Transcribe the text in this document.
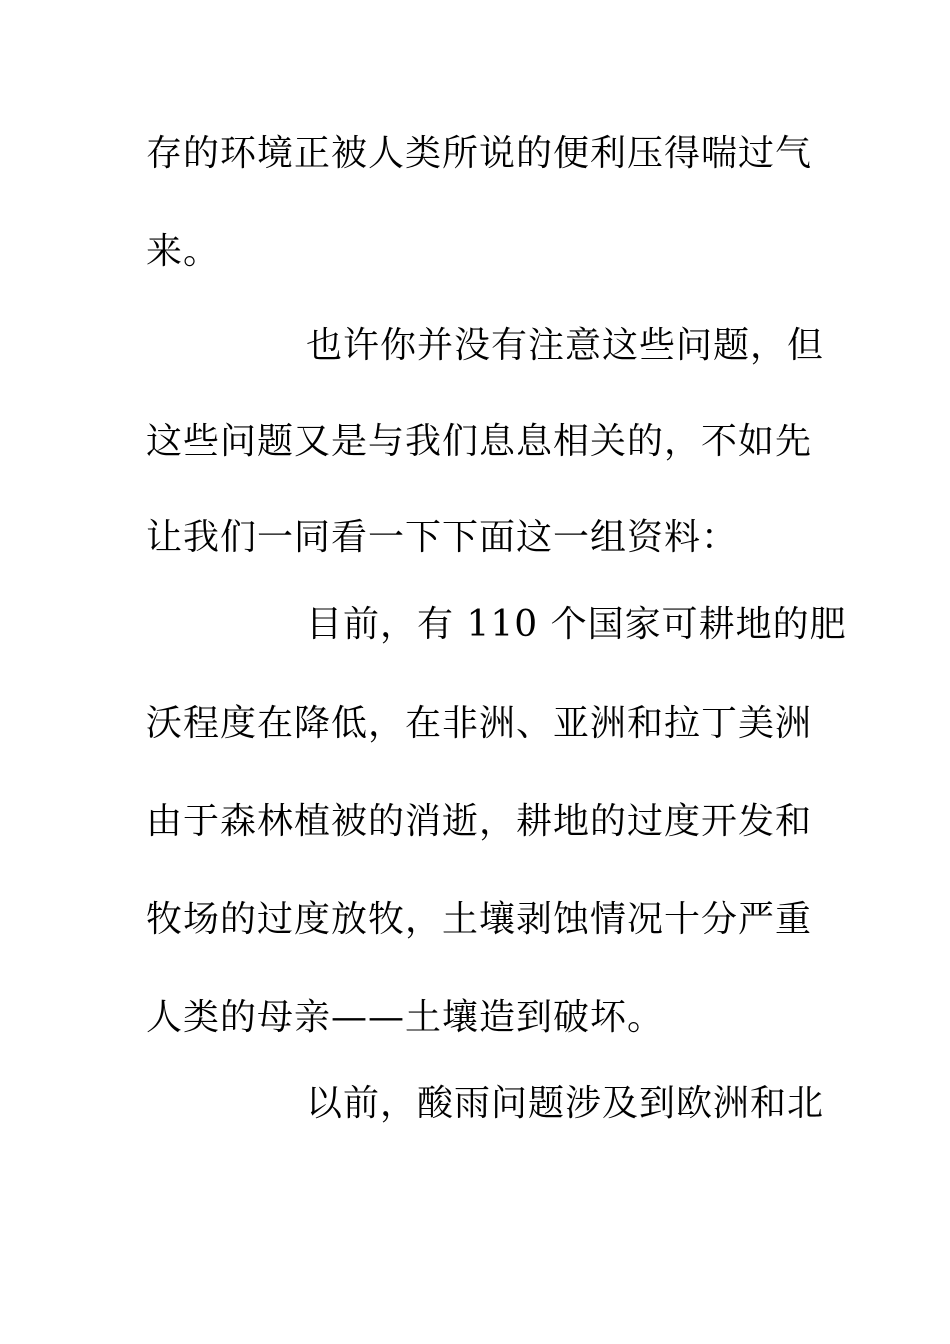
存的环境正被人类所说的便利压得喘过气
来。
也许你并没有注意这些问题，但
这些问题又是与我们息息相关的，不如先
让我们一同看一下下面这一组资料：
目前，有 110 个国家可耕地的肥
沃程度在降低，在非洲、亚洲和拉丁美洲
由于森林植被的消逝，耕地的过度开发和
牧场的过度放牧，土壤剥蚀情况十分严重
人类的母亲——土壤造到破坏。
以前，酸雨问题涉及到欧洲和北
